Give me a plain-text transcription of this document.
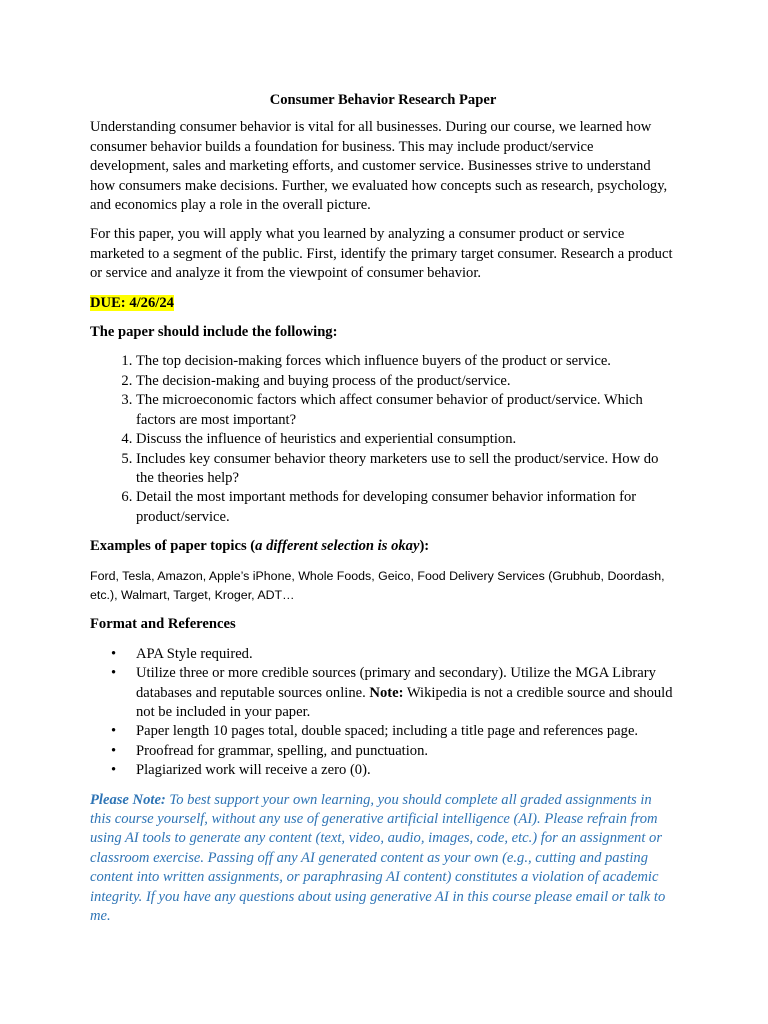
Consumer Behavior Research Paper

Understanding consumer behavior is vital for all businesses. During our course, we learned how consumer behavior builds a foundation for business. This may include product/service development, sales and marketing efforts, and customer service. Businesses strive to understand how consumers make decisions. Further, we evaluated how concepts such as research, psychology, and economics play a role in the overall picture.

For this paper, you will apply what you learned by analyzing a consumer product or service marketed to a segment of the public. First, identify the primary target consumer. Research a product or service and analyze it from the viewpoint of consumer behavior.

DUE: 4/26/24

The paper should include the following:
1. The top decision-making forces which influence buyers of the product or service.
2. The decision-making and buying process of the product/service.
3. The microeconomic factors which affect consumer behavior of product/service. Which factors are most important?
4. Discuss the influence of heuristics and experiential consumption.
5. Includes key consumer behavior theory marketers use to sell the product/service. How do the theories help?
6. Detail the most important methods for developing consumer behavior information for product/service.
Examples of paper topics (a different selection is okay):

Ford, Tesla, Amazon, Apple’s iPhone, Whole Foods, Geico, Food Delivery Services (Grubhub, Doordash, etc.), Walmart, Target, Kroger, ADT…

Format and References
• APA Style required.
• Utilize three or more credible sources (primary and secondary). Utilize the MGA Library databases and reputable sources online. Note: Wikipedia is not a credible source and should not be included in your paper.
• Paper length 10 pages total, double spaced; including a title page and references page.
• Proofread for grammar, spelling, and punctuation.
• Plagiarized work will receive a zero (0).

Please Note: To best support your own learning, you should complete all graded assignments in this course yourself, without any use of generative artificial intelligence (AI). Please refrain from using AI tools to generate any content (text, video, audio, images, code, etc.) for an assignment or classroom exercise. Passing off any AI generated content as your own (e.g., cutting and pasting content into written assignments, or paraphrasing AI content) constitutes a violation of academic integrity. If you have any questions about using generative AI in this course please email or talk to me.
